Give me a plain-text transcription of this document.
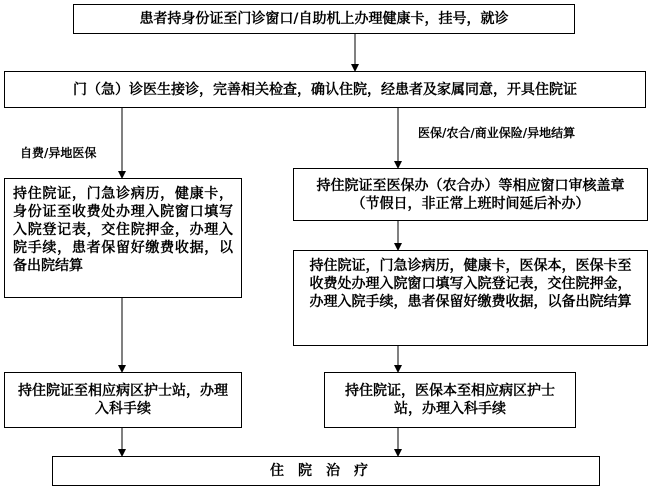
患者持身份证至门诊窗口/自助机上办理健康卡，挂号，就诊
门（急）诊医生接诊，完善相关检查，确认住院，经患者及家属同意，开具住院证
自费/异地医保
医保/农合/商业保险/异地结算
持住院证，门急诊病历，健康卡，身份证至收费处办理入院窗口填写入院登记表，交住院押金，办理入院手续，患者保留好缴费收据，以备出院结算
持住院证至医保办（农合办）等相应窗口审核盖章（节假日，非正常上班时间延后补办）
持住院证，门急诊病历，健康卡，医保本，医保卡至收费处办理入院窗口填写入院登记表，交住院押金，办理入院手续，患者保留好缴费收据，以备出院结算
持住院证至相应病区护士站，办理入科手续
持住院证，医保本至相应病区护士站，办理入科手续
住院治疗
